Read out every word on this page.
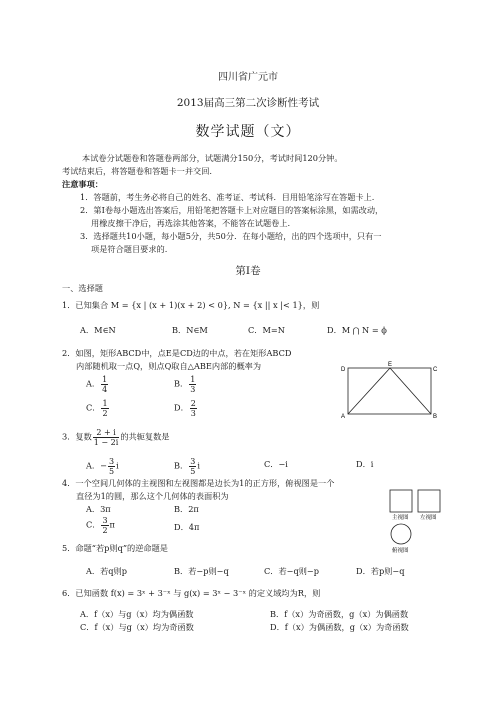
四川省广元市
2013届高三第二次诊断性考试
数学试题（文）
本试卷分试题卷和答题卷两部分，试题满分150分，考试时间120分钟。
考试结束后，将答题卷和答题卡一并交回.
注意事项：
1．答题前，考生务必将自己的姓名、准考证、考试科．目用铅笔涂写在答题卡上.
2．第Ⅰ卷每小题选出答案后，用铅笔把答题卡上对应题目的答案标涂黑，如需改动，
用橡皮擦干净后，再选涂其他答案，不能答在试题卷上.
3．选择题共10小题，每小题5分，共50分．在每小题给，出的四个选项中，只有一
项是符合题目要求的.
第Ⅰ卷
一、选择题
1．已知集合 M = {x | (x + 1)(x + 2) < 0}, N = {x || x |< 1}，则
A．M∈N	B．N∈M	C．M=N	D．M ⋂ N = ϕ
2．如图，矩形ABCD中，点E是CD边的中点，若在矩形ABCD
内部随机取一点Q，则点Q取自△ABE内部的概率为
A． $\frac{1}{4}$	B． $\frac{1}{3}$
C． $\frac{1}{2}$	D． $\frac{2}{3}$
D
E
C
A	B
3．复数 $\frac{2 + i}{1 - 2i}$ 的共轭复数是
A．− $\frac{3}{5}$ i	B． $\frac{3}{5}$ i	C．−i	D．i
4．一个空间几何体的主视图和左视图都是边长为1的正方形，俯视图是一个
直径为1的圆，那么这个几何体的表面积为
A．3π	B．2π
C． $\frac{3}{2}$ π	D．4π
主视图 左视图
俯视图
5．命题“若p则q”的逆命题是
A．若q则p	B．若−p则−q	C．若−q则−p	D．若p则−q
6．已知函数 f(x) = 3ˣ + 3⁻ˣ 与 g(x) = 3ˣ − 3⁻ˣ 的定义域均为R，则
A．f（x）与g（x）均为偶函数	B．f（x）为奇函数，g（x）为偶函数
C．f（x）与g（x）均为奇函数	D．f（x）为偶函数，g（x）为奇函数
